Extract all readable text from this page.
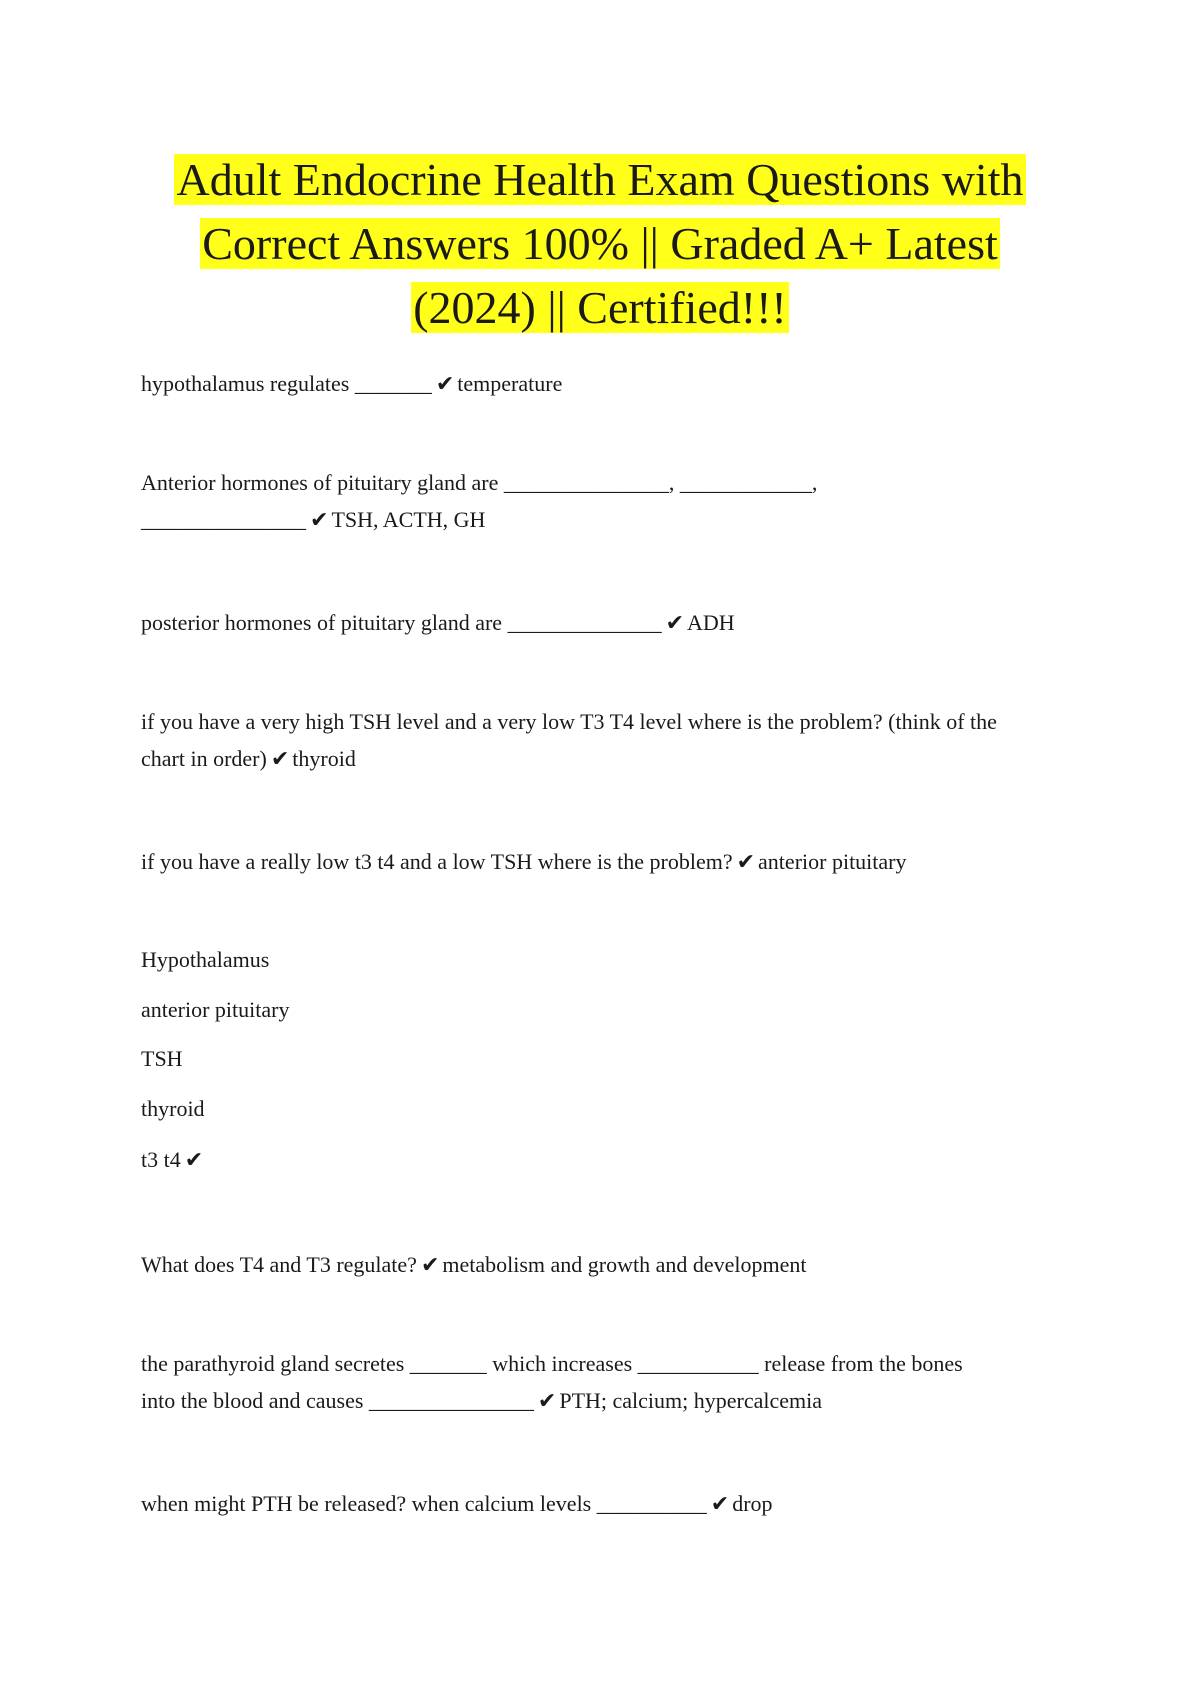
Adult Endocrine Health Exam Questions with
Correct Answers 100% || Graded A+ Latest
(2024) || Certified!!!
hypothalamus regulates _______ ✔ temperature
Anterior hormones of pituitary gland are _______________, ____________,
_______________ ✔ TSH, ACTH, GH
posterior hormones of pituitary gland are ______________ ✔ ADH
if you have a very high TSH level and a very low T3 T4 level where is the problem? (think of the
chart in order) ✔ thyroid
if you have a really low t3 t4 and a low TSH where is the problem? ✔ anterior pituitary
Hypothalamus
anterior pituitary
TSH
thyroid
t3 t4 ✔
What does T4 and T3 regulate? ✔ metabolism and growth and development
the parathyroid gland secretes _______ which increases ___________ release from the bones
into the blood and causes _______________ ✔ PTH; calcium; hypercalcemia
when might PTH be released? when calcium levels __________ ✔ drop
